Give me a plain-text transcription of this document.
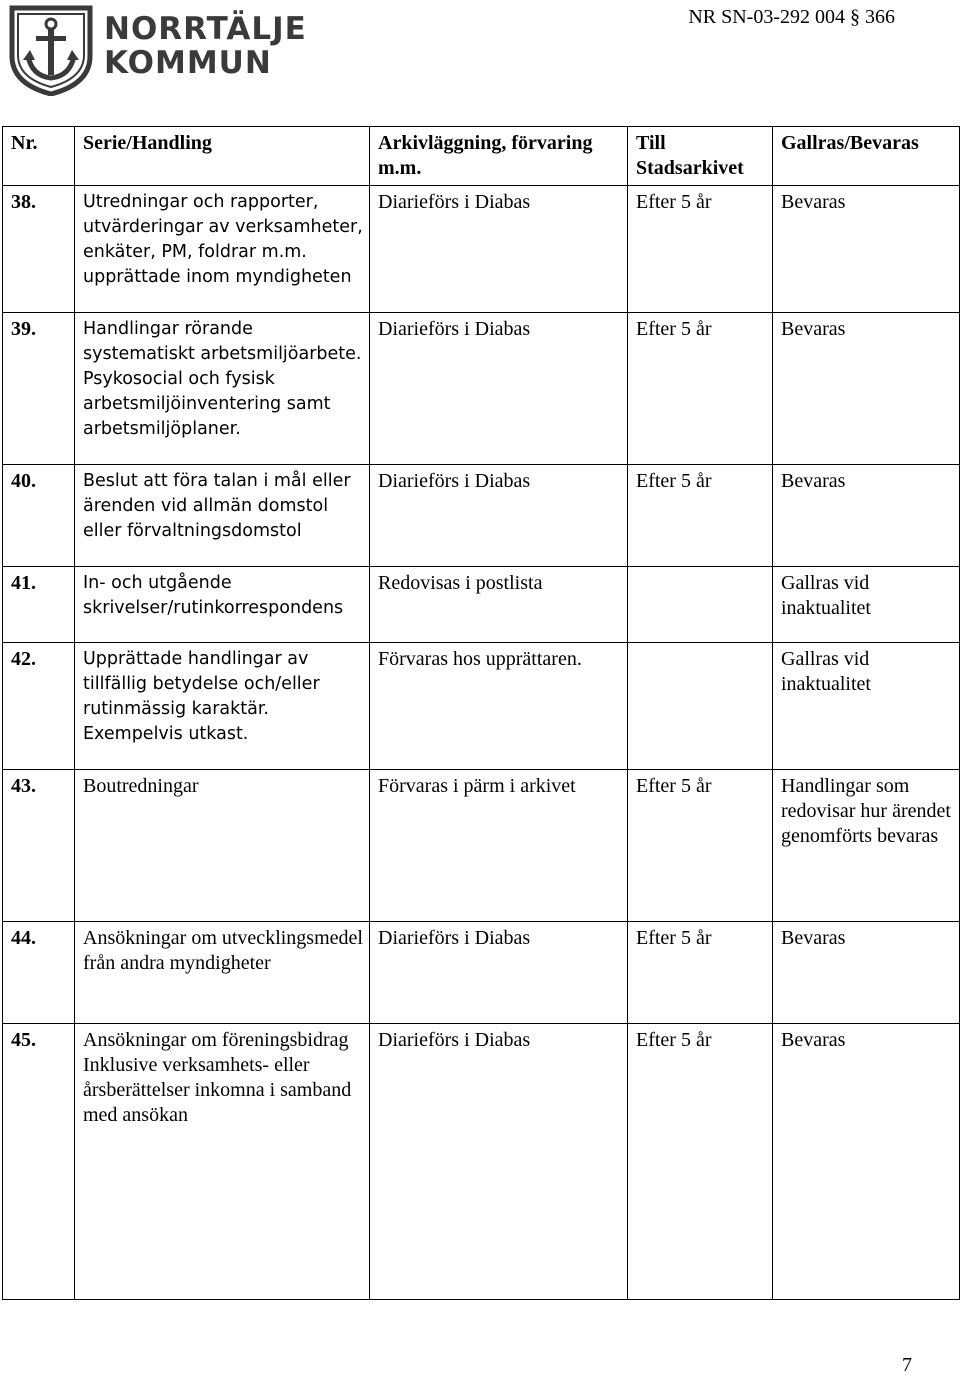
NORRTÄLJE
KOMMUN
NR SN-03-292 004 § 366
Nr.	Serie/Handling	Arkivläggning, förvaring m.m.	Till Stadsarkivet	Gallras/Bevaras
38.	Utredningar och rapporter, utvärderingar av verksamheter, enkäter, PM, foldrar m.m. upprättade inom myndigheten	Diarieförs i Diabas	Efter 5 år	Bevaras
39.	Handlingar rörande systematiskt arbetsmiljöarbete. Psykosocial och fysisk arbetsmiljöinventering samt arbetsmiljöplaner.	Diarieförs i Diabas	Efter 5 år	Bevaras
40.	Beslut att föra talan i mål eller ärenden vid allmän domstol eller förvaltningsdomstol	Diarieförs i Diabas	Efter 5 år	Bevaras
41.	In- och utgående skrivelser/rutinkorrespondens	Redovisas i postlista		Gallras vid inaktualitet
42.	Upprättade handlingar av tillfällig betydelse och/eller rutinmässig karaktär. Exempelvis utkast.	Förvaras hos upprättaren.		Gallras vid inaktualitet
43.	Boutredningar	Förvaras i pärm i arkivet	Efter 5 år	Handlingar som redovisar hur ärendet genomförts bevaras
44.	Ansökningar om utvecklingsmedel från andra myndigheter	Diarieförs i Diabas	Efter 5 år	Bevaras
45.	Ansökningar om föreningsbidrag Inklusive verksamhets- eller årsberättelser inkomna i samband med ansökan	Diarieförs i Diabas	Efter 5 år	Bevaras
7
